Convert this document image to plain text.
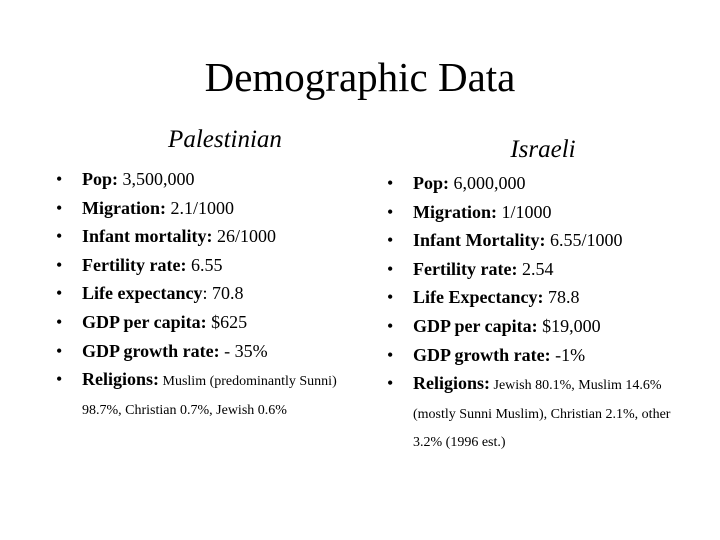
Demographic Data
Palestinian	Israeli
• Pop: 3,500,000
• Migration: 2.1/1000
• Infant mortality: 26/1000
• Fertility rate: 6.55
• Life expectancy: 70.8
• GDP per capita: $625
• GDP growth rate: - 35%
• Religions: Muslim (predominantly Sunni) 98.7%, Christian 0.7%, Jewish 0.6%
• Pop: 6,000,000
• Migration: 1/1000
• Infant Mortality: 6.55/1000
• Fertility rate: 2.54
• Life Expectancy: 78.8
• GDP per capita: $19,000
• GDP growth rate: -1%
• Religions: Jewish 80.1%, Muslim 14.6% (mostly Sunni Muslim), Christian 2.1%, other 3.2% (1996 est.)
